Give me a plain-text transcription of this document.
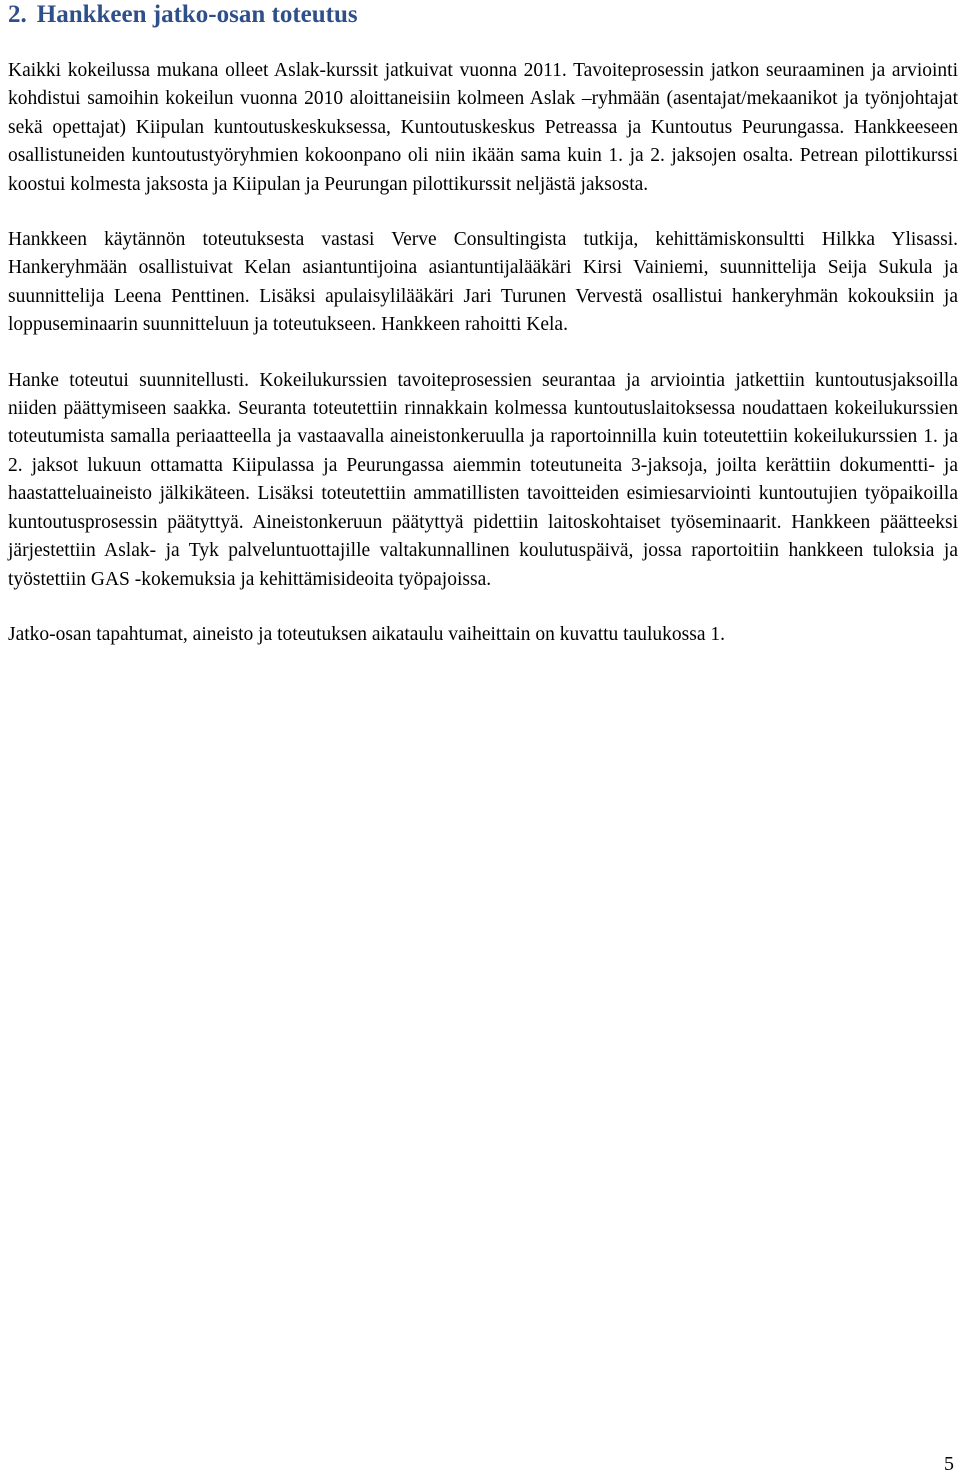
2. Hankkeen jatko-osan toteutus

Kaikki kokeilussa mukana olleet Aslak-kurssit jatkuivat vuonna 2011. Tavoiteprosessin jatkon seuraaminen ja arviointi kohdistui samoihin kokeilun vuonna 2010 aloittaneisiin kolmeen Aslak –ryhmään (asentajat/mekaanikot ja työnjohtajat sekä opettajat) Kiipulan kuntoutuskeskuksessa, Kuntoutuskeskus Petreassa ja Kuntoutus Peurungassa. Hankkeeseen osallistuneiden kuntoutustyöryhmien kokoonpano oli niin ikään sama kuin 1. ja 2. jaksojen osalta. Petrean pilottikurssi koostui kolmesta jaksosta ja Kiipulan ja Peurungan pilottikurssit neljästä jaksosta.

Hankkeen käytännön toteutuksesta vastasi Verve Consultingista tutkija, kehittämiskonsultti Hilkka Ylisassi. Hankeryhmään osallistuivat Kelan asiantuntijoina asiantuntijalääkäri Kirsi Vainiemi, suunnittelija Seija Sukula ja suunnittelija Leena Penttinen. Lisäksi apulaisylilääkäri Jari Turunen Vervestä osallistui hankeryhmän kokouksiin ja loppuseminaarin suunnitteluun ja toteutukseen. Hankkeen rahoitti Kela.

Hanke toteutui suunnitellusti. Kokeilukurssien tavoiteprosessien seurantaa ja arviointia jatkettiin kuntoutusjaksoilla niiden päättymiseen saakka. Seuranta toteutettiin rinnakkain kolmessa kuntoutuslaitoksessa noudattaen kokeilukurssien toteutumista samalla periaatteella ja vastaavalla aineistonkeruulla ja raportoinnilla kuin toteutettiin kokeilukurssien 1. ja 2. jaksot lukuun ottamatta Kiipulassa ja Peurungassa aiemmin toteutuneita 3-jaksoja, joilta kerättiin dokumentti- ja haastatteluaineisto jälkikäteen. Lisäksi toteutettiin ammatillisten tavoitteiden esimiesarviointi kuntoutujien työpaikoilla kuntoutusprosessin päätyttyä. Aineistonkeruun päätyttyä pidettiin laitoskohtaiset työseminaarit. Hankkeen päätteeksi järjestettiin Aslak- ja Tyk palveluntuottajille valtakunnallinen koulutuspäivä, jossa raportoitiin hankkeen tuloksia ja työstettiin GAS -kokemuksia ja kehittämisideoita työpajoissa.

Jatko-osan tapahtumat, aineisto ja toteutuksen aikataulu vaiheittain on kuvattu taulukossa 1.

5
